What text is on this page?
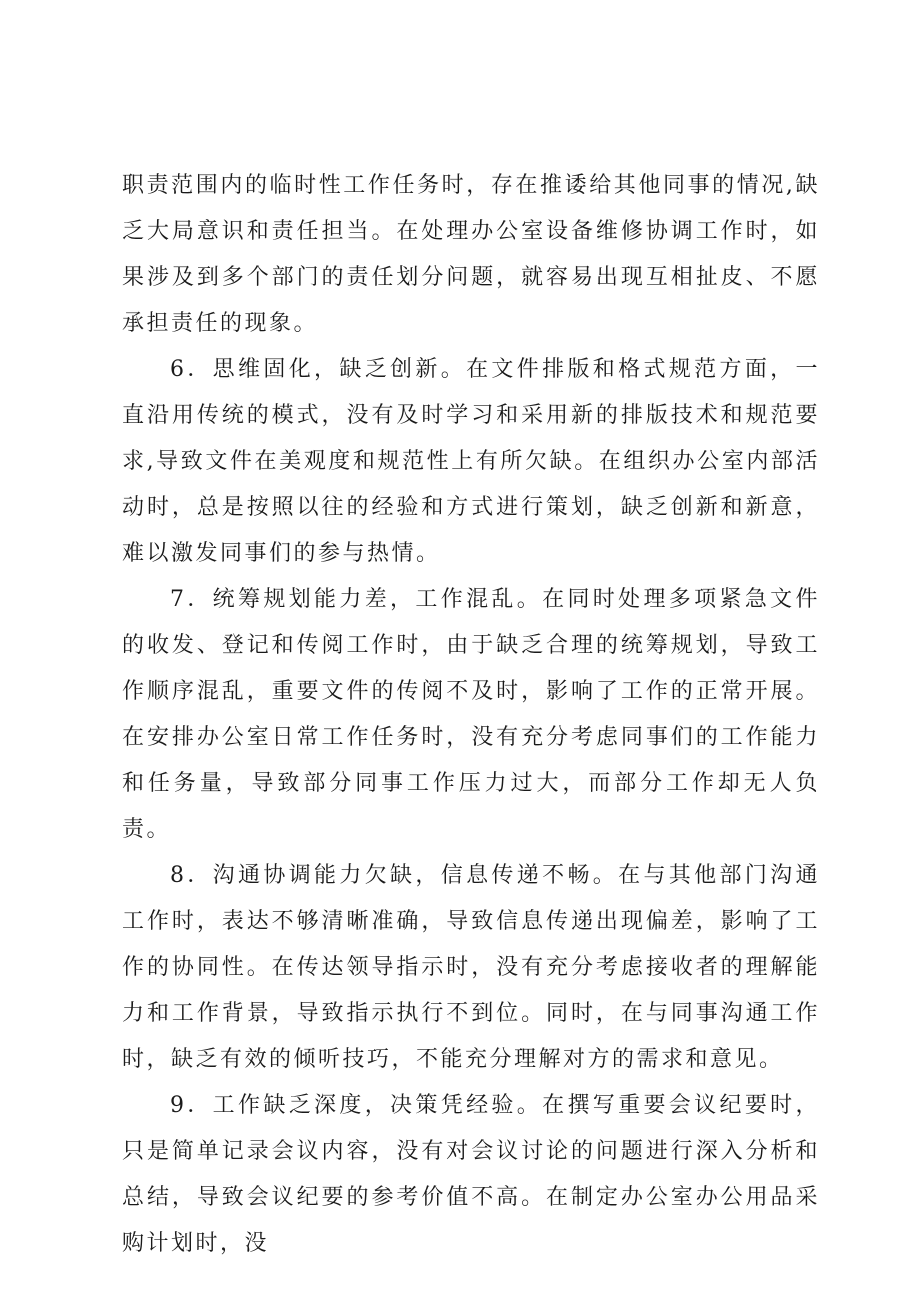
职责范围内的临时性工作任务时，存在推诿给其他同事的情况,缺乏大局意识和责任担当。在处理办公室设备维修协调工作时，如果涉及到多个部门的责任划分问题，就容易出现互相扯皮、不愿承担责任的现象。

6．思维固化，缺乏创新。在文件排版和格式规范方面，一直沿用传统的模式，没有及时学习和采用新的排版技术和规范要求,导致文件在美观度和规范性上有所欠缺。在组织办公室内部活动时，总是按照以往的经验和方式进行策划，缺乏创新和新意，难以激发同事们的参与热情。

7．统筹规划能力差，工作混乱。在同时处理多项紧急文件的收发、登记和传阅工作时，由于缺乏合理的统筹规划，导致工作顺序混乱，重要文件的传阅不及时，影响了工作的正常开展。在安排办公室日常工作任务时，没有充分考虑同事们的工作能力和任务量，导致部分同事工作压力过大，而部分工作却无人负责。

8．沟通协调能力欠缺，信息传递不畅。在与其他部门沟通工作时，表达不够清晰准确，导致信息传递出现偏差，影响了工作的协同性。在传达领导指示时，没有充分考虑接收者的理解能力和工作背景，导致指示执行不到位。同时，在与同事沟通工作时，缺乏有效的倾听技巧，不能充分理解对方的需求和意见。

9．工作缺乏深度，决策凭经验。在撰写重要会议纪要时，只是简单记录会议内容，没有对会议讨论的问题进行深入分析和总结，导致会议纪要的参考价值不高。在制定办公室办公用品采购计划时，没
